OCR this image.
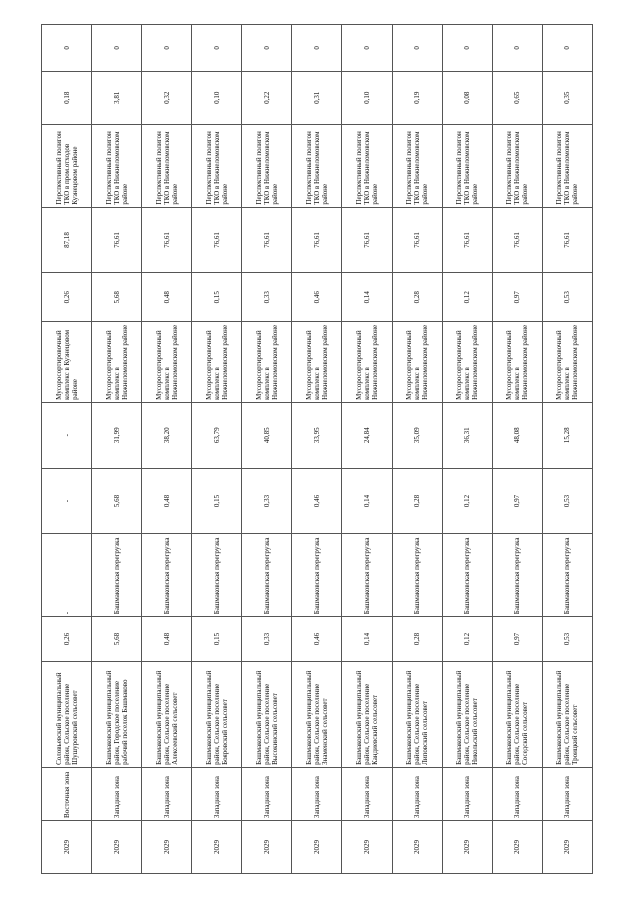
2029	Восточная зона	Соловьевский муниципальный район, Сельское поселение Шушуровский сельсовет	0,26	-	-	-	Мусоросортировочный комплекс в Кузнецовом районе	0,26	87,18	Перспективный полигон ТКО в пром.отходов Кузнецовом районе	0,18	0
2029	Западная зона	Башмаковский муниципальный район, Городское поселение рабочий поселок Башмаково	5,68	Башмаковская перегрузка	5,68	31,99	Мусоросортировочный комплекс в Нижнеломовском районе	5,68	76,61	Перспективный полигон ТКО в Нижнеломовском районе	3,81	0
2029	Западная зона	Башмаковский муниципальный район, Сельское поселение Алексеевский сельсовет	0,48	Башмаковская перегрузка	0,48	38,20	Мусоросортировочный комплекс в Нижнеломовском районе	0,48	76,61	Перспективный полигон ТКО в Нижнеломовском районе	0,32	0
2029	Западная зона	Башмаковский муниципальный район, Сельское поселение Бояровский сельсовет	0,15	Башмаковская перегрузка	0,15	63,79	Мусоросортировочный комплекс в Нижнеломовском районе	0,15	76,61	Перспективный полигон ТКО в Нижнеломовском районе	0,10	0
2029	Западная зона	Башмаковский муниципальный район, Сельское поселение Высокинский сельсовет	0,33	Башмаковская перегрузка	0,33	40,85	Мусоросортировочный комплекс в Нижнеломовском районе	0,33	76,61	Перспективный полигон ТКО в Нижнеломовском районе	0,22	0
2029	Западная зона	Башмаковский муниципальный район, Сельское поселение Знаменский сельсовет	0,46	Башмаковская перегрузка	0,46	33,95	Мусоросортировочный комплекс в Нижнеломовском районе	0,46	76,61	Перспективный полигон ТКО в Нижнеломовском районе	0,31	0
2029	Западная зона	Башмаковский муниципальный район, Сельское поселение Кандиевский сельсовет	0,14	Башмаковская перегрузка	0,14	24,84	Мусоросортировочный комплекс в Нижнеломовском районе	0,14	76,61	Перспективный полигон ТКО в Нижнеломовском районе	0,10	0
2029	Западная зона	Башмаковский муниципальный район, Сельское поселение Липовский сельсовет	0,28	Башмаковская перегрузка	0,28	35,09	Мусоросортировочный комплекс в Нижнеломовском районе	0,28	76,61	Перспективный полигон ТКО в Нижнеломовском районе	0,19	0
2029	Западная зона	Башмаковский муниципальный район, Сельское поселение Никольский сельсовет	0,12	Башмаковская перегрузка	0,12	36,31	Мусоросортировочный комплекс в Нижнеломовском районе	0,12	76,61	Перспективный полигон ТКО в Нижнеломовском районе	0,08	0
2029	Западная зона	Башмаковский муниципальный район, Сельское поселение Соседский сельсовет	0,97	Башмаковская перегрузка	0,97	48,08	Мусоросортировочный комплекс в Нижнеломовском районе	0,97	76,61	Перспективный полигон ТКО в Нижнеломовском районе	0,65	0
2029	Западная зона	Башмаковский муниципальный район, Сельское поселение Троицкий сельсовет	0,53	Башмаковская перегрузка	0,53	15,28	Мусоросортировочный комплекс в Нижнеломовском районе	0,53	76,61	Перспективный полигон ТКО в Нижнеломовском районе	0,35	0
